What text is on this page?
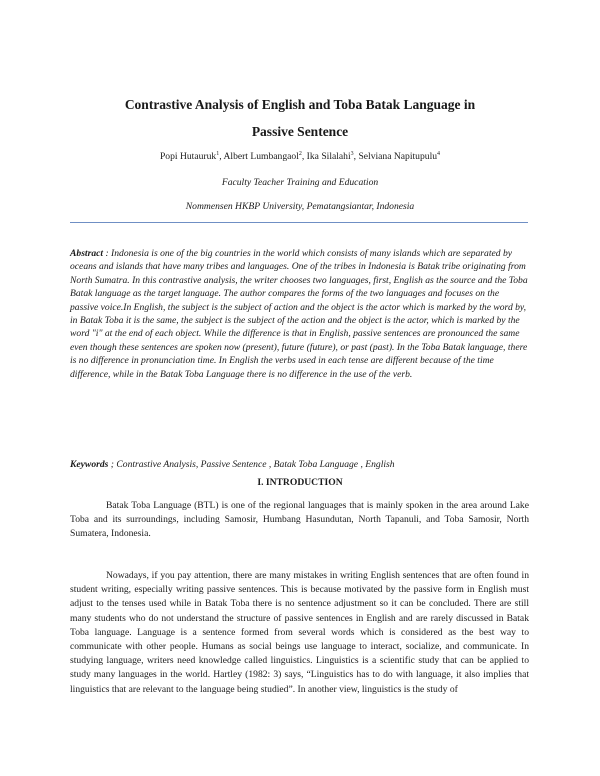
Contrastive Analysis of English and Toba Batak Language in
Passive Sentence
Popi Hutauruk$^1$, Albert Lumbangaol$^2$, Ika Silalahi$^3$, Selviana Napitupulu$^4$
Faculty Teacher Training and Education
Nommensen HKBP University, Pematangsiantar, Indonesia

Abstract : Indonesia is one of the big countries in the world which consists of many islands which are separated by oceans and islands that have many tribes and languages. One of the tribes in Indonesia is Batak tribe originating from North Sumatra. In this contrastive analysis, the writer chooses two languages, first, English as the source and the Toba Batak language as the target language. The author compares the forms of the two languages and focuses on the passive voice.In English, the subject is the subject of action and the object is the actor which is marked by the word by, in Batak Toba it is the same, the subject is the subject of the action and the object is the actor, which is marked by the word "i" at the end of each object. While the difference is that in English, passive sentences are pronounced the same even though these sentences are spoken now (present), future (future), or past (past). In the Toba Batak language, there is no difference in pronunciation time. In English the verbs used in each tense are different because of the time difference, while in the Batak Toba Language there is no difference in the use of the verb.

Keywords ; Contrastive Analysis, Passive Sentence , Batak Toba Language , English

I. INTRODUCTION

Batak Toba Language (BTL) is one of the regional languages that is mainly spoken in the area around Lake Toba and its surroundings, including Samosir, Humbang Hasundutan, North Tapanuli, and Toba Samosir, North Sumatera, Indonesia.

Nowadays, if you pay attention, there are many mistakes in writing English sentences that are often found in student writing, especially writing passive sentences. This is because motivated by the passive form in English must adjust to the tenses used while in Batak Toba there is no sentence adjustment so it can be concluded. There are still many students who do not understand the structure of passive sentences in English and are rarely discussed in Batak Toba language. Language is a sentence formed from several words which is considered as the best way to communicate with other people. Humans as social beings use language to interact, socialize, and communicate. In studying language, writers need knowledge called linguistics. Linguistics is a scientific study that can be applied to study many languages in the world. Hartley (1982: 3) says, “Linguistics has to do with language, it also implies that linguistics that are relevant to the language being studied”. In another view, linguistics is the study of
